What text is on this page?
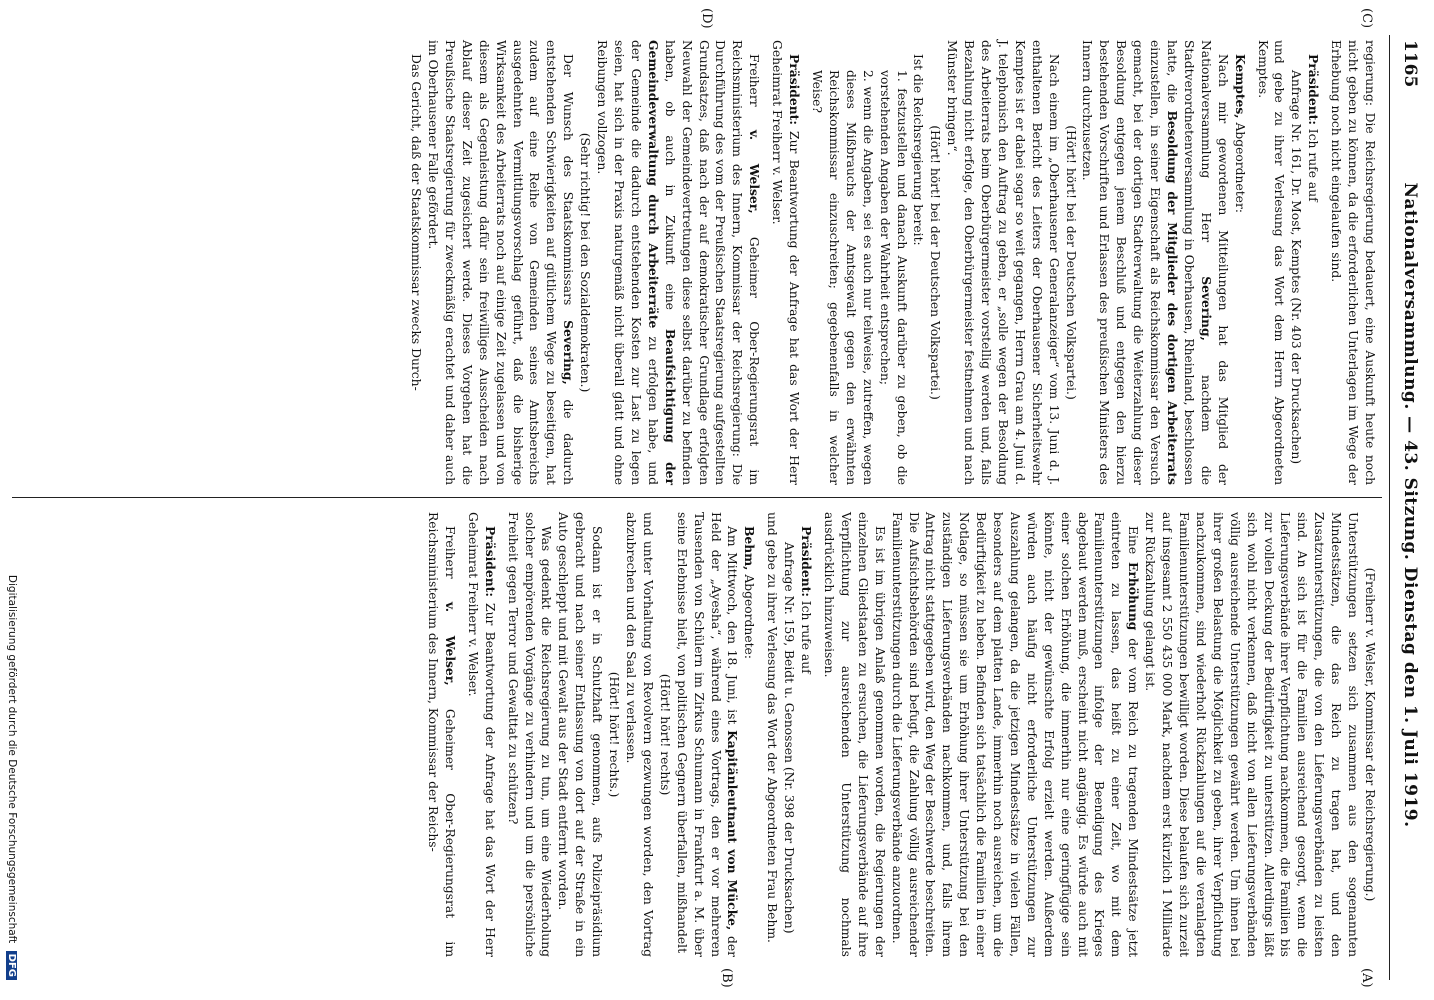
1165
Nationalversammlung. — 43. Sitzung. Dienstag den 1. Juli 1919.
(C)
(D)
(A)
(B)

regierung: Die Reichsregierung bedauert, eine Auskunft heute noch nicht geben zu können, da die erforderlichen Unterlagen im Wege der Erhebung noch nicht eingelaufen sind.

Präsident: Ich rufe auf

Anfrage Nr. 161, Dr. Most, Kemptes (Nr. 403 der Drucksachen)

und gebe zu ihrer Verlesung das Wort dem Herrn Abgeordneten Kemptes.

Kemptes, Abgeordneter:

Nach mir gewordenen Mitteilungen hat das Mitglied der Nationalversammlung Herr Severing, nachdem die Stadtverordnetenversammlung in Oberhausen, Rheinland, beschlossen hatte, die Besoldung der Mitglieder des dortigen Arbeiterrats einzustellen, in seiner Eigenschaft als Reichskommissar den Versuch gemacht, bei der dortigen Stadtverwaltung die Weiterzahlung dieser Besoldung entgegen jenem Beschluß und entgegen den hierzu bestehenden Vorschriften und Erlassen des preußischen Ministers des Innern durchzusetzen.

(Hört! hört! bei der Deutschen Volkspartei.)

Nach einem im „Oberhausener Generalanzeiger“ vom 13. Juni d. J. enthaltenen Bericht des Leiters der Oberhausener Sicherheitswehr Kemptes ist er dabei sogar so weit gegangen, Herrn Grau am 4. Juni d. J. telephonisch den Auftrag zu geben, er „solle wegen der Besoldung des Arbeiterrats beim Oberbürgermeister vorstellig werden und, falls Bezahlung nicht erfolge, den Oberbürgermeister festnehmen und nach Münster bringen“.

(Hört! hört! bei der Deutschen Volkspartei.)

Ist die Reichsregierung bereit:

1. festzustellen und danach Auskunft darüber zu geben, ob die vorstehenden Angaben der Wahrheit entsprechen;

2. wenn die Angaben, sei es auch nur teilweise, zutreffen, wegen dieses Mißbrauchs der Amtsgewalt gegen den erwähnten Reichskommissar einzuschreiten; gegebenenfalls in welcher Weise?

Präsident: Zur Beantwortung der Anfrage hat das Wort der Herr Geheimrat Freiherr v. Welser.

Freiherr v. Welser, Geheimer Ober-Regierungsrat im Reichsministerium des Innern, Kommissar der Reichsregierung: Die Durchführung des vom der Preußischen Staatsregierung aufgestellten Grundsatzes, daß nach der auf demokratischer Grundlage erfolgten Neuwahl der Gemeindevertretungen diese selbst darüber zu befinden haben, ob auch in Zukunft eine Beaufsichtigung der Gemeindeverwaltung durch Arbeiterräte zu erfolgen habe, und der Gemeinde die dadurch entstehenden Kosten zur Last zu legen seien, hat sich in der Praxis naturgemäß nicht überall glatt und ohne Reibungen vollzogen.

(Sehr richtig! bei den Sozialdemokraten.)

Der Wunsch des Staatskommissars Severing, die dadurch entstehenden Schwierigkeiten auf gütlichem Wege zu beseitigen, hat zudem auf eine Reihe von Gemeinden seines Amtsbereichs ausgedehnten Vermittlungsvorschlag geführt, daß die bisherige Wirksamkeit des Arbeiterrats noch auf einige Zeit zugelassen und von diesem als Gegenleistung dafür sein freiwilliges Ausscheiden nach Ablauf dieser Zeit zugesichert werde. Dieses Vorgehen hat die Preußische Staatsregierung für zweckmäßig erachtet und daher auch im Oberhausener Falle gefördert.

Das Gericht, daß der Staatskommissar zwecks Durch-

(Freiherr v. Welser, Kommissar der Reichsregierung.)

Unterstützungen setzen sich zusammen aus den sogenannten Mindestsätzen, die das Reich zu tragen hat, und den Zusatzunterstützungen, die von den Lieferungsverbänden zu leisten sind. An sich ist für die Familien ausreichend gesorgt, wenn die Lieferungsverbände ihrer Verpflichtung nachkommen, die Familien bis zur vollen Deckung der Bedürftigkeit zu unterstützen. Allerdings läßt sich wohl nicht verkennen, daß nicht von allen Lieferungsverbänden völlig ausreichende Unterstützungen gewährt werden. Um ihnen bei ihrer großen Belastung die Möglichkeit zu geben, ihrer Verpflichtung nachzukommen, sind wiederholt Rückzahlungen auf die veranlagten Familienunterstützungen bewilligt worden. Diese belaufen sich zurzeit auf insgesamt 2 550 435 000 Mark, nachdem erst kürzlich 1 Milliarde zur Rückzahlung gelangt ist.

Eine Erhöhung der vom Reich zu tragenden Mindestsätze jetzt eintreten zu lassen, das heißt zu einer Zeit, wo mit dem Familienunterstützungen infolge der Beendigung des Krieges abgebaut werden muß, erscheint nicht angängig. Es würde auch mit einer solchen Erhöhung, die immerhin nur eine geringfügige sein könnte, nicht der gewünschte Erfolg erzielt werden. Außerdem würden auch häufig nicht erforderliche Unterstützungen zur Auszahlung gelangen, da die jetzigen Mindestsätze in vielen Fällen, besonders auf dem platten Lande, immerhin noch ausreichen, um die Bedürftigkeit zu heben. Befinden sich tatsächlich die Familien in einer Notlage, so müssen sie um Erhöhung ihrer Unterstützung bei den zuständigen Lieferungsverbänden nachkommen, und, falls ihrem Antrag nicht stattgegeben wird, den Weg der Beschwerde beschreiten. Die Aufsichtsbehörden sind befugt, die Zahlung völlig ausreichender Familienunterstützungen durch die Lieferungsverbände anzuordnen.

Es ist im übrigen Anlaß genommen worden, die Regierungen der einzelnen Gliedstaaten zu ersuchen, die Lieferungsverbände auf ihre Verpflichtung zur ausreichenden Unterstützung nochmals ausdrücklich hinzuweisen.

Präsident: Ich rufe auf

Anfrage Nr. 159, Beidt u. Genossen (Nr. 398 der Drucksachen)

und gebe zu ihrer Verlesung das Wort der Abgeordneten Frau Behm.

Behm, Abgeordnete:

Am Mittwoch, den 18. Juni, ist Kapitänleutnant von Mücke, der Held der „Ayesha“, während eines Vortrags, den er vor mehreren Tausenden von Schülern im Zirkus Schumann in Frankfurt a. M. über seine Erlebnisse hielt, von politischen Gegnern überfallen, mißhandelt

(Hört! hört! rechts)

und unter Vorhaltung von Revolvern gezwungen worden, den Vortrag abzubrechen und den Saal zu verlassen.

(Hört! hört! rechts.)

Sodann ist er in Schutzhaft genommen, aufs Polizeipräsidium gebracht und nach seiner Entlassung von dort auf der Straße in ein Auto geschleppt und mit Gewalt aus der Stadt entfernt worden.

Was gedenkt die Reichsregierung zu tun, um eine Wiederholung solcher empörenden Vorgänge zu verhindern und um die persönliche Freiheit gegen Terror und Gewalttat zu schützen?

Präsident: Zur Beantwortung der Anfrage hat das Wort der Herr Geheimrat Freiherr v. Welser.

Freiherr v. Welser, Geheimer Ober-Regierungsrat im Reichsministerium des Innern, Kommissar der Reichs-

Digitalisierung gefördert durch die Deutsche Forschungsgemeinschaft DFG
